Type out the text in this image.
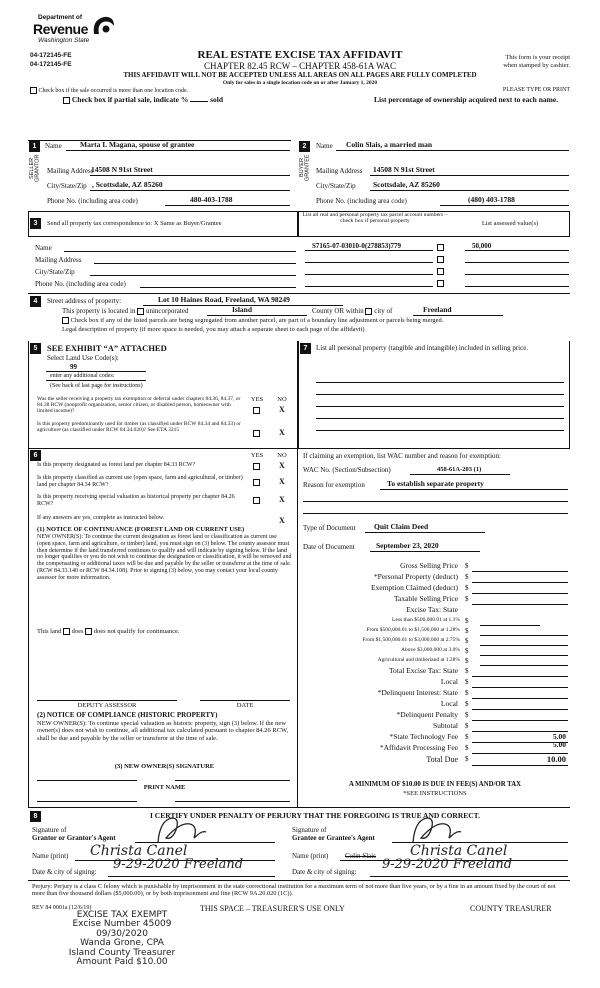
Department of
Revenue
Washington State
04-172145-FE
04-172145-FE
REAL ESTATE EXCISE TAX AFFIDAVIT
CHAPTER 82.45 RCW – CHAPTER 458-61A WAC
This form is your receipt
when stamped by cashier.
THIS AFFIDAVIT WILL NOT BE ACCEPTED UNLESS ALL AREAS ON ALL PAGES ARE FULLY COMPLETED
Only for sales in a single location code on or after January 1, 2020
Check box if the sale occurred is more than one location code.	PLEASE TYPE OR PRINT
Check box if partial sale, indicate %	sold	List percentage of ownership acquired next to each name.
1
SELLER GRANTOR
Name Marta I. Magana, spouse of grantee
Mailing Address
14508 N 91st Street
City/State/Zip , Scottsdale, AZ 85260
Phone No. (including area code)	480-403-1788
2
BUYER GRANTEE
Name Colin Slais, a married man
Mailing Address 14508 N 91st Street
City/State/Zip Scottsdale, AZ 85260
Phone No. (including area code)	(480) 403-1788
3	Send all property tax correspondence to: X Same as Buyer/Grantee
List all real and personal property tax parcel account numbers – check box if personal property	List assessed value(s)
Name
Mailing Address
City/State/Zip
Phone No. (including area code)
S7165-07-03010-0(278853)779	50,000
4	Street address of property:	Lot 10 Haines Road, Freeland, WA 98249
This property is located in unincorporated	Island	County OR within city of	Freeland
Check box if any of the listed parcels are being segregated from another parcel, are part of a boundary line adjustment or parcels being merged.
Legal description of property (if more space is needed, you may attach a separate sheet to each page of the affidavit)
SEE EXHIBIT “A” ATTACHED
5
Select Land Use Code(s):
99
enter any additional codes:
(See back of last page for instructions)
YES	NO
Was the seller receiving a property tax exemption or deferral under chapters 84.36, 84.37, or 84.38 RCW (nonprofit organization, senior citizen, or disabled person, homeowner with limited income)?	X
Is this property predominantly used for timber (as classified under RCW 84.34 and 84.33) or agriculture (as classified under RCW 84.34.020)? See ETA 3215	X
7	List all personal property (tangible and intangible) included in selling price.
6	YES	NO
Is this property designated as forest land per chapter 84.33 RCW?	X
Is this property classified as current use (open space, farm and agricultural, or timber) land per chapter 84.34 RCW?	X
Is this property receiving special valuation as historical property per chapter 84.26 RCW?	X
If any answers are yes, complete as instructed below.	X
(1) NOTICE OF CONTINUANCE (FOREST LAND OR CURRENT USE)
NEW OWNER(S): To continue the current designation as forest land or classification as current use (open space, farm and agriculture, or timber) land, you must sign on (3) below. The county assessor must then determine if the land transferred continues to qualify and will indicate by signing below. If the land no longer qualifies or you do not wish to continue the designation or classification, it will be removed and the compensating or additional taxes will be due and payable by the seller or transferor at the time of sale. (RCW 84.33.140 or RCW 84.34.108). Prior to signing (3) below, you may contact your local county assessor for more information.
This land does does not qualify for continuance.
DEPUTY ASSESSOR	DATE
(2) NOTICE OF COMPLIANCE (HISTORIC PROPERTY)
NEW OWNER(S): To continue special valuation as historic property, sign (3) below. If the new owner(s) does not wish to continue, all additional tax calculated pursuant to chapter 84.26 RCW, shall be due and payable by the seller or transferor at the time of sale.
(3) NEW OWNER(S) SIGNATURE
PRINT NAME
If claiming an exemption, list WAC number and reason for exemption:
WAC No. (Section/Subsection)	458-61A-203 (1)
Reason for exemption	To establish separate property
Type of Document Quit Claim Deed
Date of Document	September 23, 2020
Gross Selling Price $
*Personal Property (deduct) $
Exemption Claimed (deduct) $
Taxable Selling Price $
Excise Tax: State
Less than $500,000.01 at 1.1% $
From $500,000.01 to $1,500,000 at 1.28% $
From $1,500,000.01 to $3,000,000 at 2.75% $
Above $3,000,000 at 3.0% $
Agricultural and timberland at 1.28% $
Total Excise Tax: State $
Local $
*Delinquent Interest: State $
Local $
*Delinquent Penalty $
Subtotal $
*State Technology Fee $	5.00
*Affidavit Processing Fee $	5.00
Total Due $	10.00
A MINIMUM OF $10.00 IS DUE IN FEE(S) AND/OR TAX
*SEE INSTRUCTIONS
8	I CERTIFY UNDER PENALTY OF PERJURY THAT THE FOREGOING IS TRUE AND CORRECT.
Signature of
Grantor or Grantor's Agent
Name (print) Christa Canel
Date & city of signing: 9-29-2020 Freeland
Signature of
Grantee or Grantee's Agent
Name (print) Colin Slais Christa Canel
Date & city of signing: 9-29-2020 Freeland
Perjury: Perjury is a class C felony which is punishable by imprisonment in the state correctional institution for a maximum term of not more than five years, or by a fine in an amount fixed by the court of not more than five thousand dollars ($5,000.00), or by both imprisonment and fine (RCW 9A.20.020 (1C)).
REV 84 0001a (12/6/19)	THIS SPACE – TREASURER'S USE ONLY	COUNTY TREASURER
EXCISE TAX EXEMPT
Excise Number 45009
09/30/2020
Wanda Grone, CPA
Island County Treasurer
Amount Paid $10.00
